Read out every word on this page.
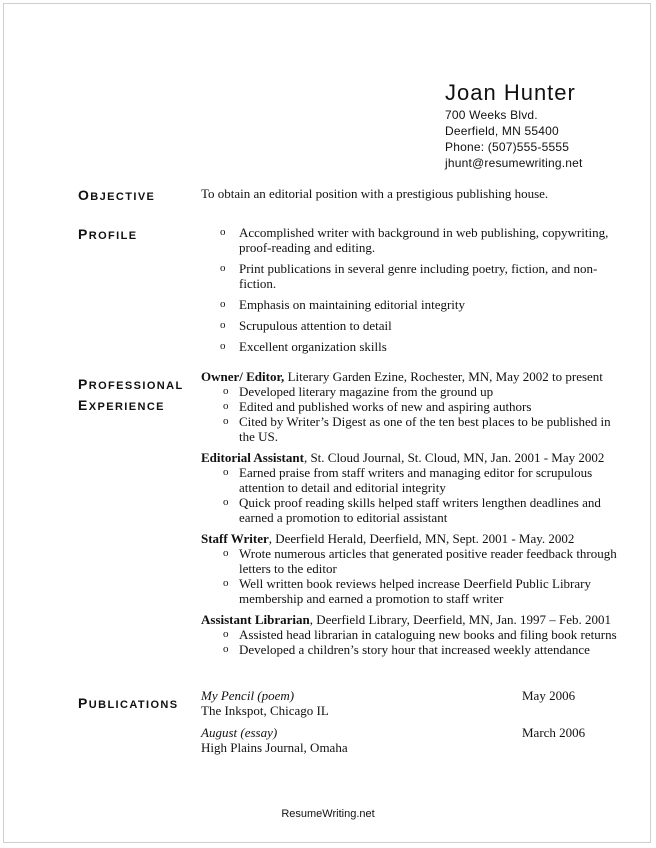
Joan Hunter
700 Weeks Blvd.
Deerfield, MN 55400
Phone: (507)555-5555
jhunt@resumewriting.net
OBJECTIVE	To obtain an editorial position with a prestigious publishing house.
PROFILE	o Accomplished writer with background in web publishing, copywriting, proof-reading and editing.
o Print publications in several genre including poetry, fiction, and non-fiction.
o Emphasis on maintaining editorial integrity
o Scrupulous attention to detail
o Excellent organization skills
PROFESSIONAL
EXPERIENCE
Owner/ Editor, Literary Garden Ezine, Rochester, MN, May 2002 to present
o Developed literary magazine from the ground up
o Edited and published works of new and aspiring authors
o Cited by Writer’s Digest as one of the ten best places to be published in the US.
Editorial Assistant, St. Cloud Journal, St. Cloud, MN, Jan. 2001 - May 2002
o Earned praise from staff writers and managing editor for scrupulous attention to detail and editorial integrity
o Quick proof reading skills helped staff writers lengthen deadlines and earned a promotion to editorial assistant
Staff Writer, Deerfield Herald, Deerfield, MN, Sept. 2001 - May. 2002
o Wrote numerous articles that generated positive reader feedback through letters to the editor
o Well written book reviews helped increase Deerfield Public Library membership and earned a promotion to staff writer
Assistant Librarian, Deerfield Library, Deerfield, MN, Jan. 1997 – Feb. 2001
o Assisted head librarian in cataloguing new books and filing book returns
o Developed a children’s story hour that increased weekly attendance
PUBLICATIONS
My Pencil (poem)
The Inkspot, Chicago IL
May 2006
August (essay)
High Plains Journal, Omaha
March 2006
ResumeWriting.net
